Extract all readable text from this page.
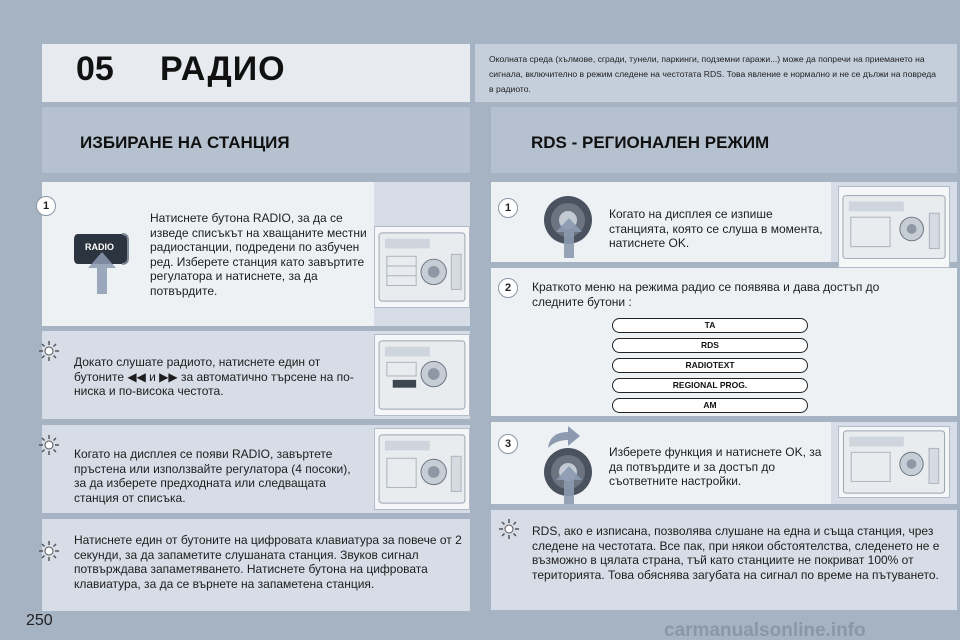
05 РАДИО	Околната среда (хълмове, сгради, тунели, паркинги, подземни гаражи...) може да попречи на приемането на сигнала, включително в режим следене на честотата RDS. Това явление е нормално и не се дължи на повреда в радиото.
ИЗБИРАНЕ НА СТАНЦИЯ	RDS - РЕГИОНАЛЕН РЕЖИМ
1
RADIO
Натиснете бутона RADIO, за да се изведе списъкът на хващаните местни радиостанции, подредени по азбучен ред. Изберете станция като завъртите регулатора и натиснете, за да потвърдите.
Докато слушате радиото, натиснете един от бутоните ◀◀ и ▶▶ за автоматично търсене на по-ниска и по-висока честота.
Когато на дисплея се появи RADIO, завъртете пръстена или използвайте регулатора (4 посоки), за да изберете предходната или следващата станция от списъка.
Натиснете един от бутоните на цифровата клавиатура за повече от 2 секунди, за да запаметите слушаната станция. Звуков сигнал потвърждава запаметяването. Натиснете бутона на цифровата клавиатура, за да се върнете на запаметена станция.
1	Когато на дисплея се изпише станцията, която се слуша в момента, натиснете OK.
2	Краткото меню на режима радио се появява и дава достъп до следните бутони :
TA
RDS
RADIOTEXT
REGIONAL PROG.
AM
3
Изберете функция и натиснете OK, за да потвърдите и за достъп до съответните настройки.
RDS, ако е изписана, позволява слушане на една и съща станция, чрез следене на честотата. Все пак, при някои обстоятелства, следенето не е възможно в цялата страна, тъй като станциите не покриват 100% от територията. Това обяснява загубата на сигнал по време на пътуването.
250	carmanualsonline.info
